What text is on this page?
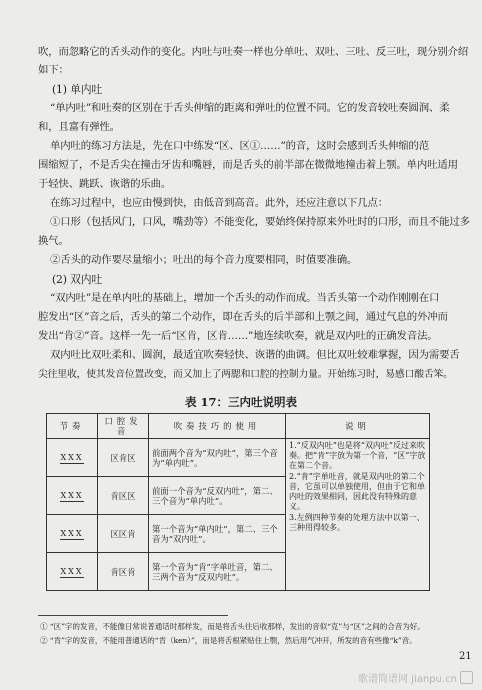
吹，而忽略它的舌头动作的变化。内吐与吐奏一样也分单吐、双吐、三吐、反三吐，现分别介绍
如下：
(1) 单内吐
“单内吐”和吐奏的区别在于舌头伸缩的距离和弹吐的位置不同。它的发音较吐奏圆润、柔
和，且富有弹性。
单内吐的练习方法是，先在口中练发“区、区①……”的音，这时会感到舌头伸缩的范
围缩短了，不是舌尖在撞击牙齿和嘴唇，而是舌头的前半部在微微地撞击着上颚。单内吐适用
于轻快、跳跃、诙谐的乐曲。
在练习过程中，也应由慢到快，由低音到高音。此外，还应注意以下几点：
①口形（包括风门，口风，嘴劲等）不能变化，要始终保持原来外吐时的口形，而且不能过多
换气。
②舌头的动作要尽量缩小；吐出的每个音力度要相同，时值要准确。
(2) 双内吐
“双内吐”是在单内吐的基础上，增加一个舌头的动作而成。当舌头第一个动作刚刚在口
腔发出“区”音之后，舌头的第二个动作，即在舌头的后半部和上颚之间，通过气息的外冲而
发出“肯②”音。这样一先一后“区肯，区肯……”地连续吹奏，就是双内吐的正确发音法。
双内吐比双吐柔和、圆润，最适宜吹奏轻快、诙谐的曲调。但比双吐较难掌握，因为需要舌
尖往里收，使其发音位置改变，而又加上了两腮和口腔的控制力量。开始练习时，易感口酸舌笨。
表 17：三内吐说明表
节奏	口腔发音	吹奏技巧的使用	说明
XXX	区肯区	前面两个音为“双内吐”，第三个音为“单内吐”。	1.“反双内吐”也是将“双内吐”反过来吹奏。把“肯”字放为第一个音，“区”字放在第二个音。
2.“肯”字单吐音，就是双内吐的第二个音，它虽可以单独使用，但由于它和单内吐的效果相同，因此没有特殊的意义。
3.左例四种节奏的处理方法中以第一、三种用得较多。

XXX	肯区区	前面一个音为“反双内吐”，第二、三个音为“单内吐”。	
XXX	区区肯	第一个音为“单内吐”，第二、三个音为“双内吐”。	
XXX	肯区肯	第一个音为“肯”字单吐音，第二、三两个音为“反双内吐”。	
① “区”字的发音，不能像日常说普通话时那样发，而是将舌头往后收那样，发出的音似“克”与“区”之间的合音为好。
② “肯”字的发音，不能用普通话的“肯（ken）”，而是将舌根紧贴住上颚，然后用气冲开，所发的音有些像“k”音。
21
歌谱简谱网 jianpu.cn
